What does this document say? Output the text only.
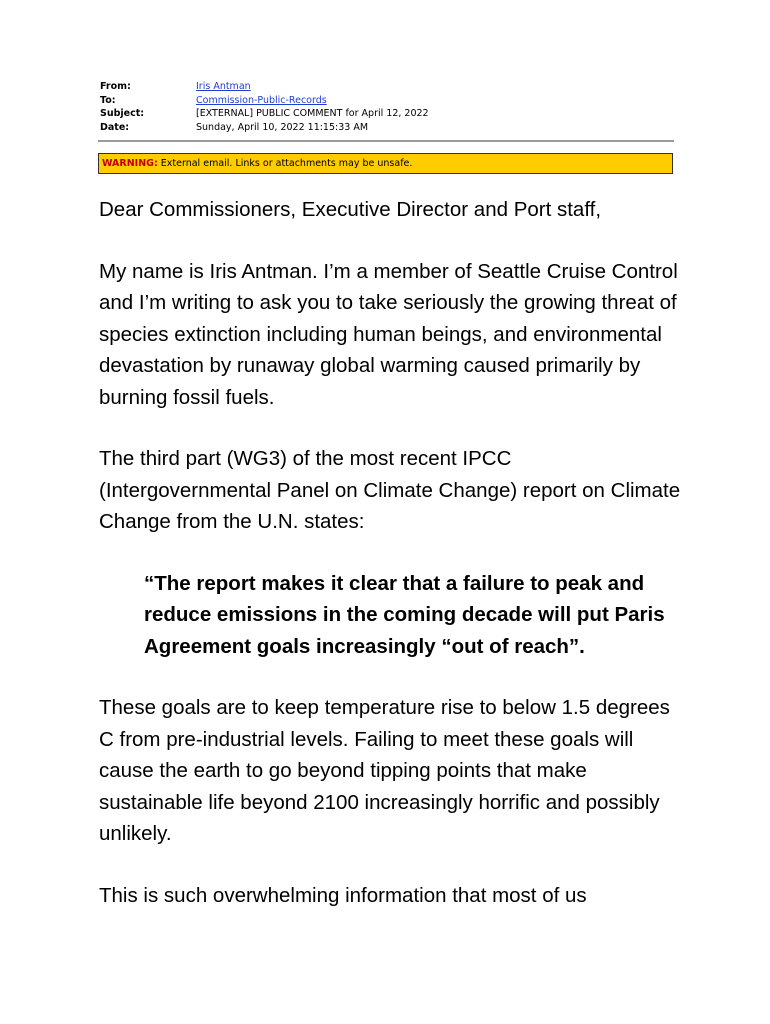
From:	Iris Antman
To:	Commission-Public-Records
Subject:	[EXTERNAL] PUBLIC COMMENT for April 12, 2022
Date:	Sunday, April 10, 2022 11:15:33 AM
WARNING: External email. Links or attachments may be unsafe.

Dear Commissioners, Executive Director and Port staff,

My name is Iris Antman. I’m a member of Seattle Cruise Control and I’m writing to ask you to take seriously the growing threat of species extinction including human beings, and environmental devastation by runaway global warming caused primarily by burning fossil fuels.

The third part (WG3) of the most recent IPCC (Intergovernmental Panel on Climate Change) report on Climate Change from the U.N. states:

“The report makes it clear that a failure to peak and reduce emissions in the coming decade will put Paris Agreement goals increasingly “out of reach”.

These goals are to keep temperature rise to below 1.5 degrees C from pre-industrial levels. Failing to meet these goals will cause the earth to go beyond tipping points that make sustainable life beyond 2100 increasingly horrific and possibly unlikely.

This is such overwhelming information that most of us
